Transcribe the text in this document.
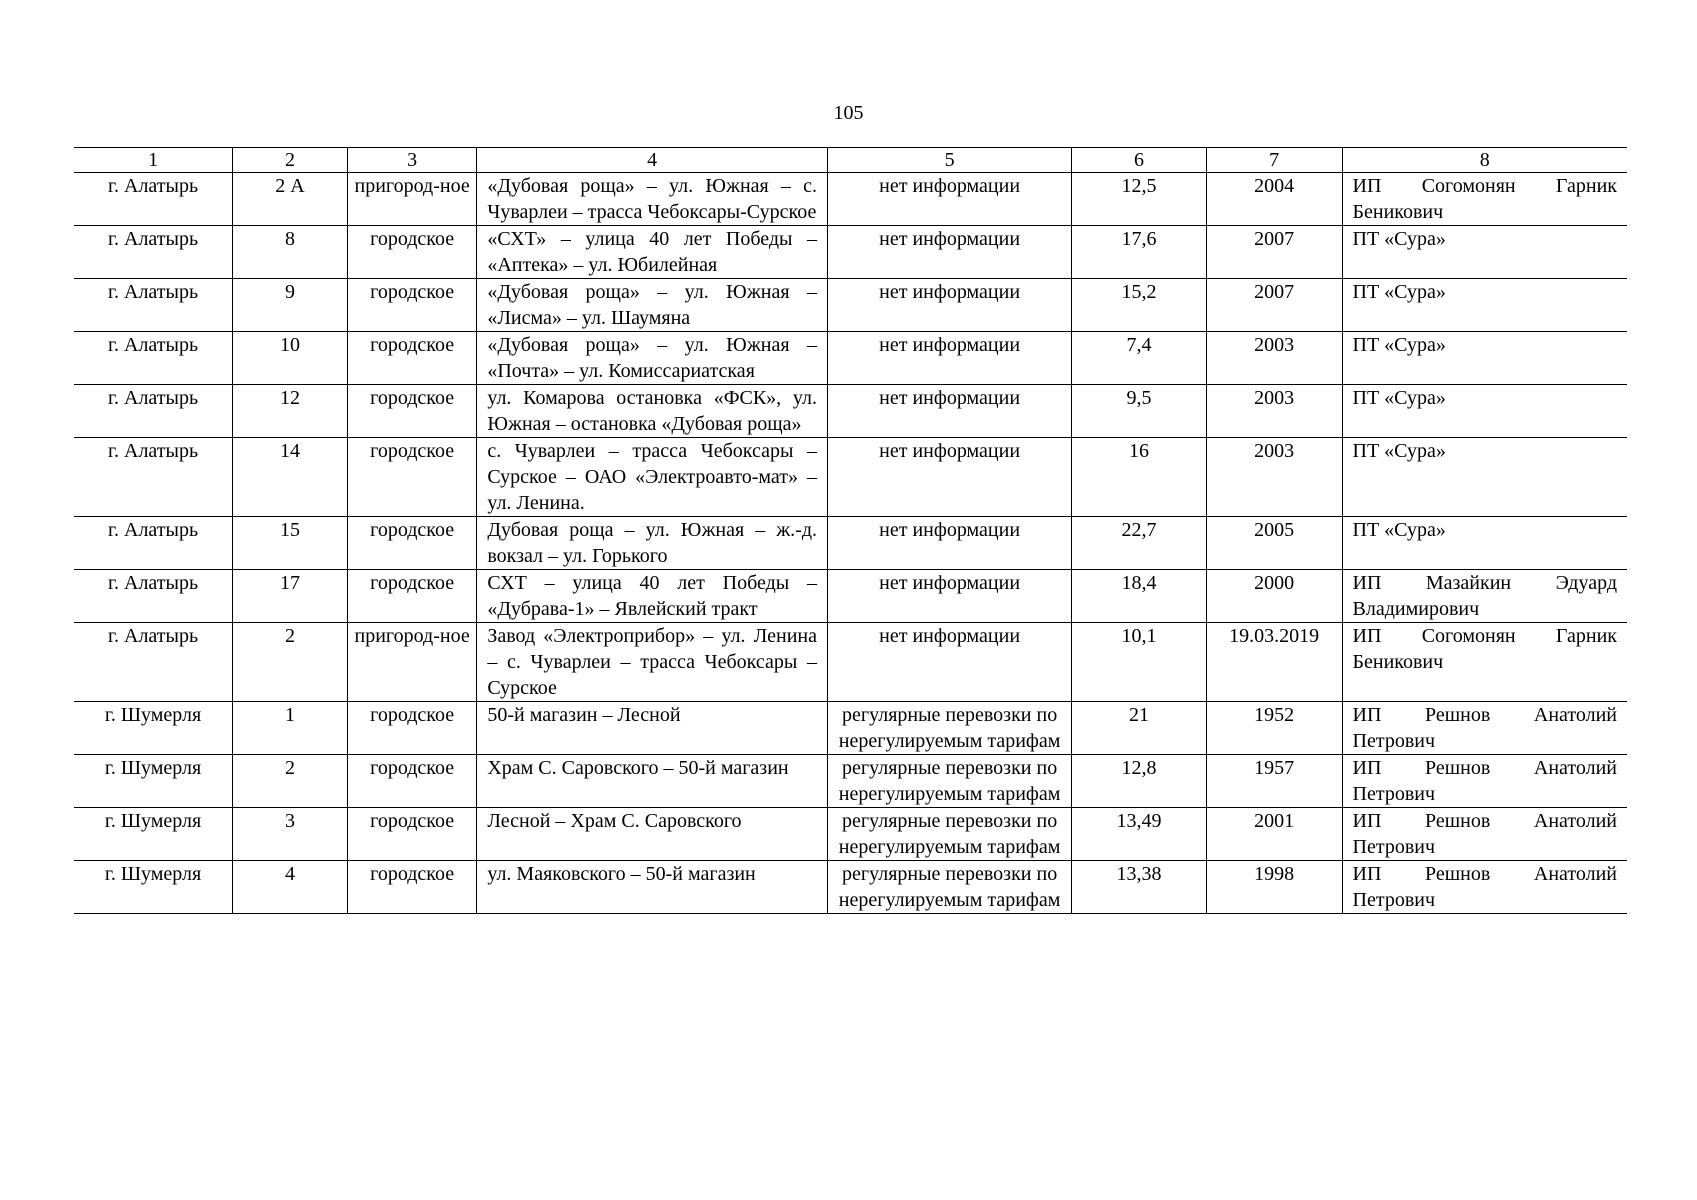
105
1	2	3	4	5	6	7	8
г. Алатырь	2 А	пригород-ное	«Дубовая роща» – ул. Южная – с. Чуварлеи – трасса Чебоксары-Сурское	нет информации	12,5	2004	ИП Согомонян Гарник Беникович
г. Алатырь	8	городское	«СХТ» – улица 40 лет Победы – «Аптека» – ул. Юбилейная	нет информации	17,6	2007	ПТ «Сура»
г. Алатырь	9	городское	«Дубовая роща» – ул. Южная – «Лисма» – ул. Шаумяна	нет информации	15,2	2007	ПТ «Сура»
г. Алатырь	10	городское	«Дубовая роща» – ул. Южная – «Почта» – ул. Комиссариатская	нет информации	7,4	2003	ПТ «Сура»
г. Алатырь	12	городское	ул. Комарова остановка «ФСК», ул. Южная – остановка «Дубовая роща»	нет информации	9,5	2003	ПТ «Сура»
г. Алатырь	14	городское	с. Чуварлеи – трасса Чебоксары – Сурское – ОАО «Электроавто-мат» – ул. Ленина.	нет информации	16	2003	ПТ «Сура»
г. Алатырь	15	городское	Дубовая роща – ул. Южная – ж.-д. вокзал – ул. Горького	нет информации	22,7	2005	ПТ «Сура»
г. Алатырь	17	городское	СХТ – улица 40 лет Победы – «Дубрава-1» – Явлейский тракт	нет информации	18,4	2000	ИП Мазайкин Эдуард Владимирович
г. Алатырь	2	пригород-ное	Завод «Электроприбор» – ул. Ленина – с. Чуварлеи – трасса Чебоксары – Сурское	нет информации	10,1	19.03.2019	ИП Согомонян Гарник Беникович
г. Шумерля	1	городское	50-й магазин – Лесной	регулярные перевозки по нерегулируемым тарифам	21	1952	ИП Решнов Анатолий Петрович
г. Шумерля	2	городское	Храм С. Саровского – 50-й магазин	регулярные перевозки по нерегулируемым тарифам	12,8	1957	ИП Решнов Анатолий Петрович
г. Шумерля	3	городское	Лесной – Храм С. Саровского	регулярные перевозки по нерегулируемым тарифам	13,49	2001	ИП Решнов Анатолий Петрович
г. Шумерля	4	городское	ул. Маяковского – 50-й магазин	регулярные перевозки по нерегулируемым тарифам	13,38	1998	ИП Решнов Анатолий Петрович
